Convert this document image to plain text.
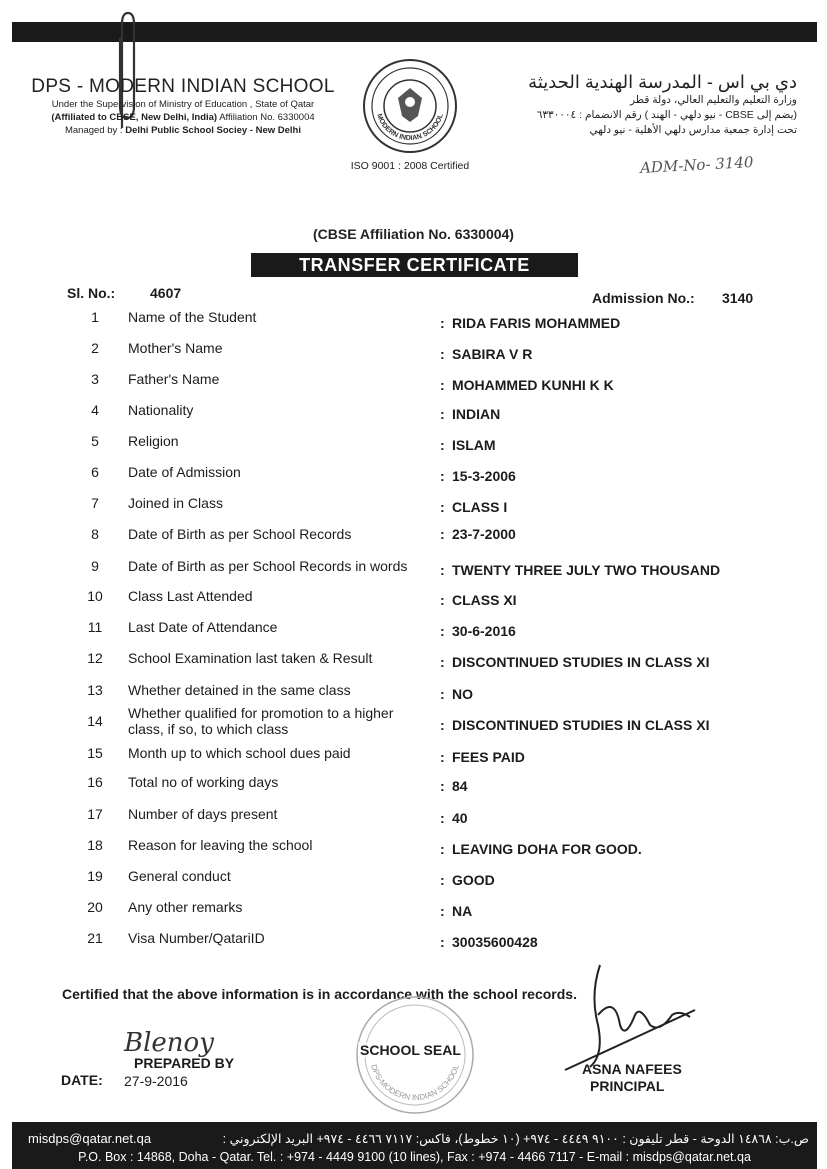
DPS - MODERN INDIAN SCHOOL
Under the Supervision of Ministry of Education , State of Qatar
(Affiliated to CBSE, New Delhi, India) Affiliation No. 6330004
Managed by : Delhi Public School Sociey - New Delhi
MODERN INDIAN SCHOOL
ISO 9001 : 2008 Certified
دي بي اس - المدرسة الهندية الحديثة
وزارة التعليم والتعليم العالي، دولة قطر
(يضم إلى CBSE - نيو دلهي - الهند ) رقم الانضمام : ٦٣٣٠٠٠٤
تحت إدارة جمعية مدارس دلهي الأهلية - نيو دلهي
ADM-No- 3140
(CBSE Affiliation No. 6330004)
TRANSFER CERTIFICATE
Sl. No.: 4607	Admission No.: 3140
1	Name of the Student	: RIDA FARIS MOHAMMED
2	Mother's Name	: SABIRA V R
3	Father's Name	: MOHAMMED KUNHI K K
4	Nationality	: INDIAN
5	Religion	: ISLAM
6	Date of Admission	: 15-3-2006
7	Joined in Class	: CLASS I
8	Date of Birth as per School Records	: 23-7-2000
9	Date of Birth as per School Records in words	: TWENTY THREE JULY TWO THOUSAND
10	Class Last Attended	: CLASS XI
11	Last Date of Attendance	: 30-6-2016
12	School Examination last taken & Result	: DISCONTINUED STUDIES IN CLASS XI
13	Whether detained in the same class	: NO
14	Whether qualified for promotion to a higher class, if so, to which class	: DISCONTINUED STUDIES IN CLASS XI
15	Month up to which school dues paid	: FEES PAID
16	Total no of working days	: 84
17	Number of days present	: 40
18	Reason for leaving the school	: LEAVING DOHA FOR GOOD.
19	General conduct	: GOOD
20	Any other remarks	: NA
21	Visa Number/QatariID	: 30035600428
Certified that the above information is in accordance with the school records.
Blenoy
PREPARED BY
DATE: 27-9-2016
DPS-MODERN INDIAN SCHOOL
SCHOOL SEAL
ASNA NAFEES
PRINCIPAL
misdps@qatar.net.qa	ص.ب: ١٤٨٦٨ الدوحة - قطر تليفون : ٩١٠٠ ٤٤٤٩ - ٩٧٤+ (١٠ خطوط)، فاكس: ٧١١٧ ٤٤٦٦ - ٩٧٤+ البريد الإلكتروني :
P.O. Box : 14868, Doha - Qatar. Tel. : +974 - 4449 9100 (10 lines), Fax : +974 - 4466 7117 - E-mail : misdps@qatar.net.qa
